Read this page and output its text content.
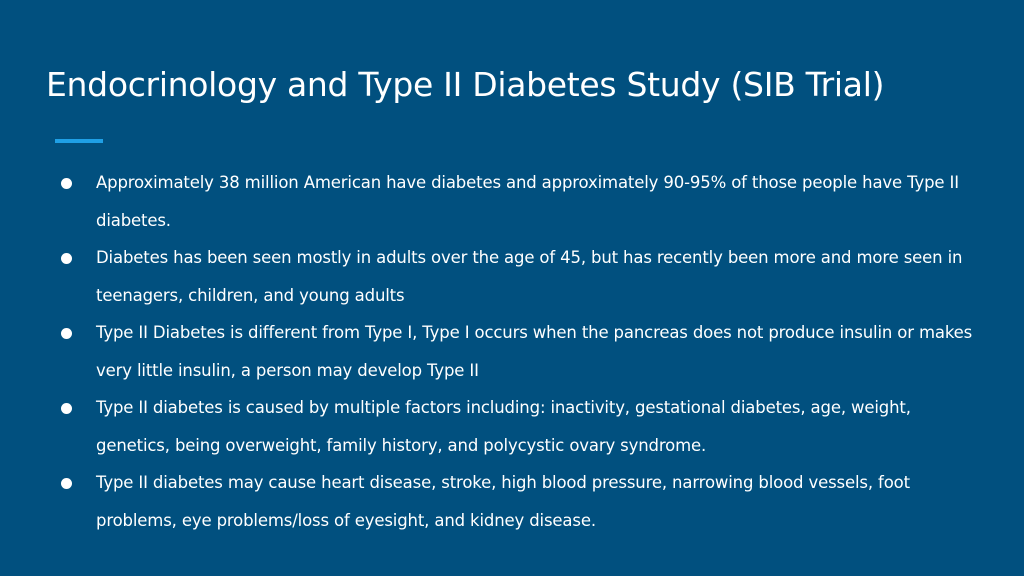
Endocrinology and Type II Diabetes Study (SIB Trial)
Approximately 38 million American have diabetes and approximately 90-95% of those people have Type II diabetes.
Diabetes has been seen mostly in adults over the age of 45, but has recently been more and more seen in teenagers, children, and young adults
Type II Diabetes is different from Type I, Type I occurs when the pancreas does not produce insulin or makes very little insulin, a person may develop Type II
Type II diabetes is caused by multiple factors including: inactivity, gestational diabetes, age, weight, genetics, being overweight, family history, and polycystic ovary syndrome.
Type II diabetes may cause heart disease, stroke, high blood pressure, narrowing blood vessels, foot problems, eye problems/loss of eyesight, and kidney disease.
